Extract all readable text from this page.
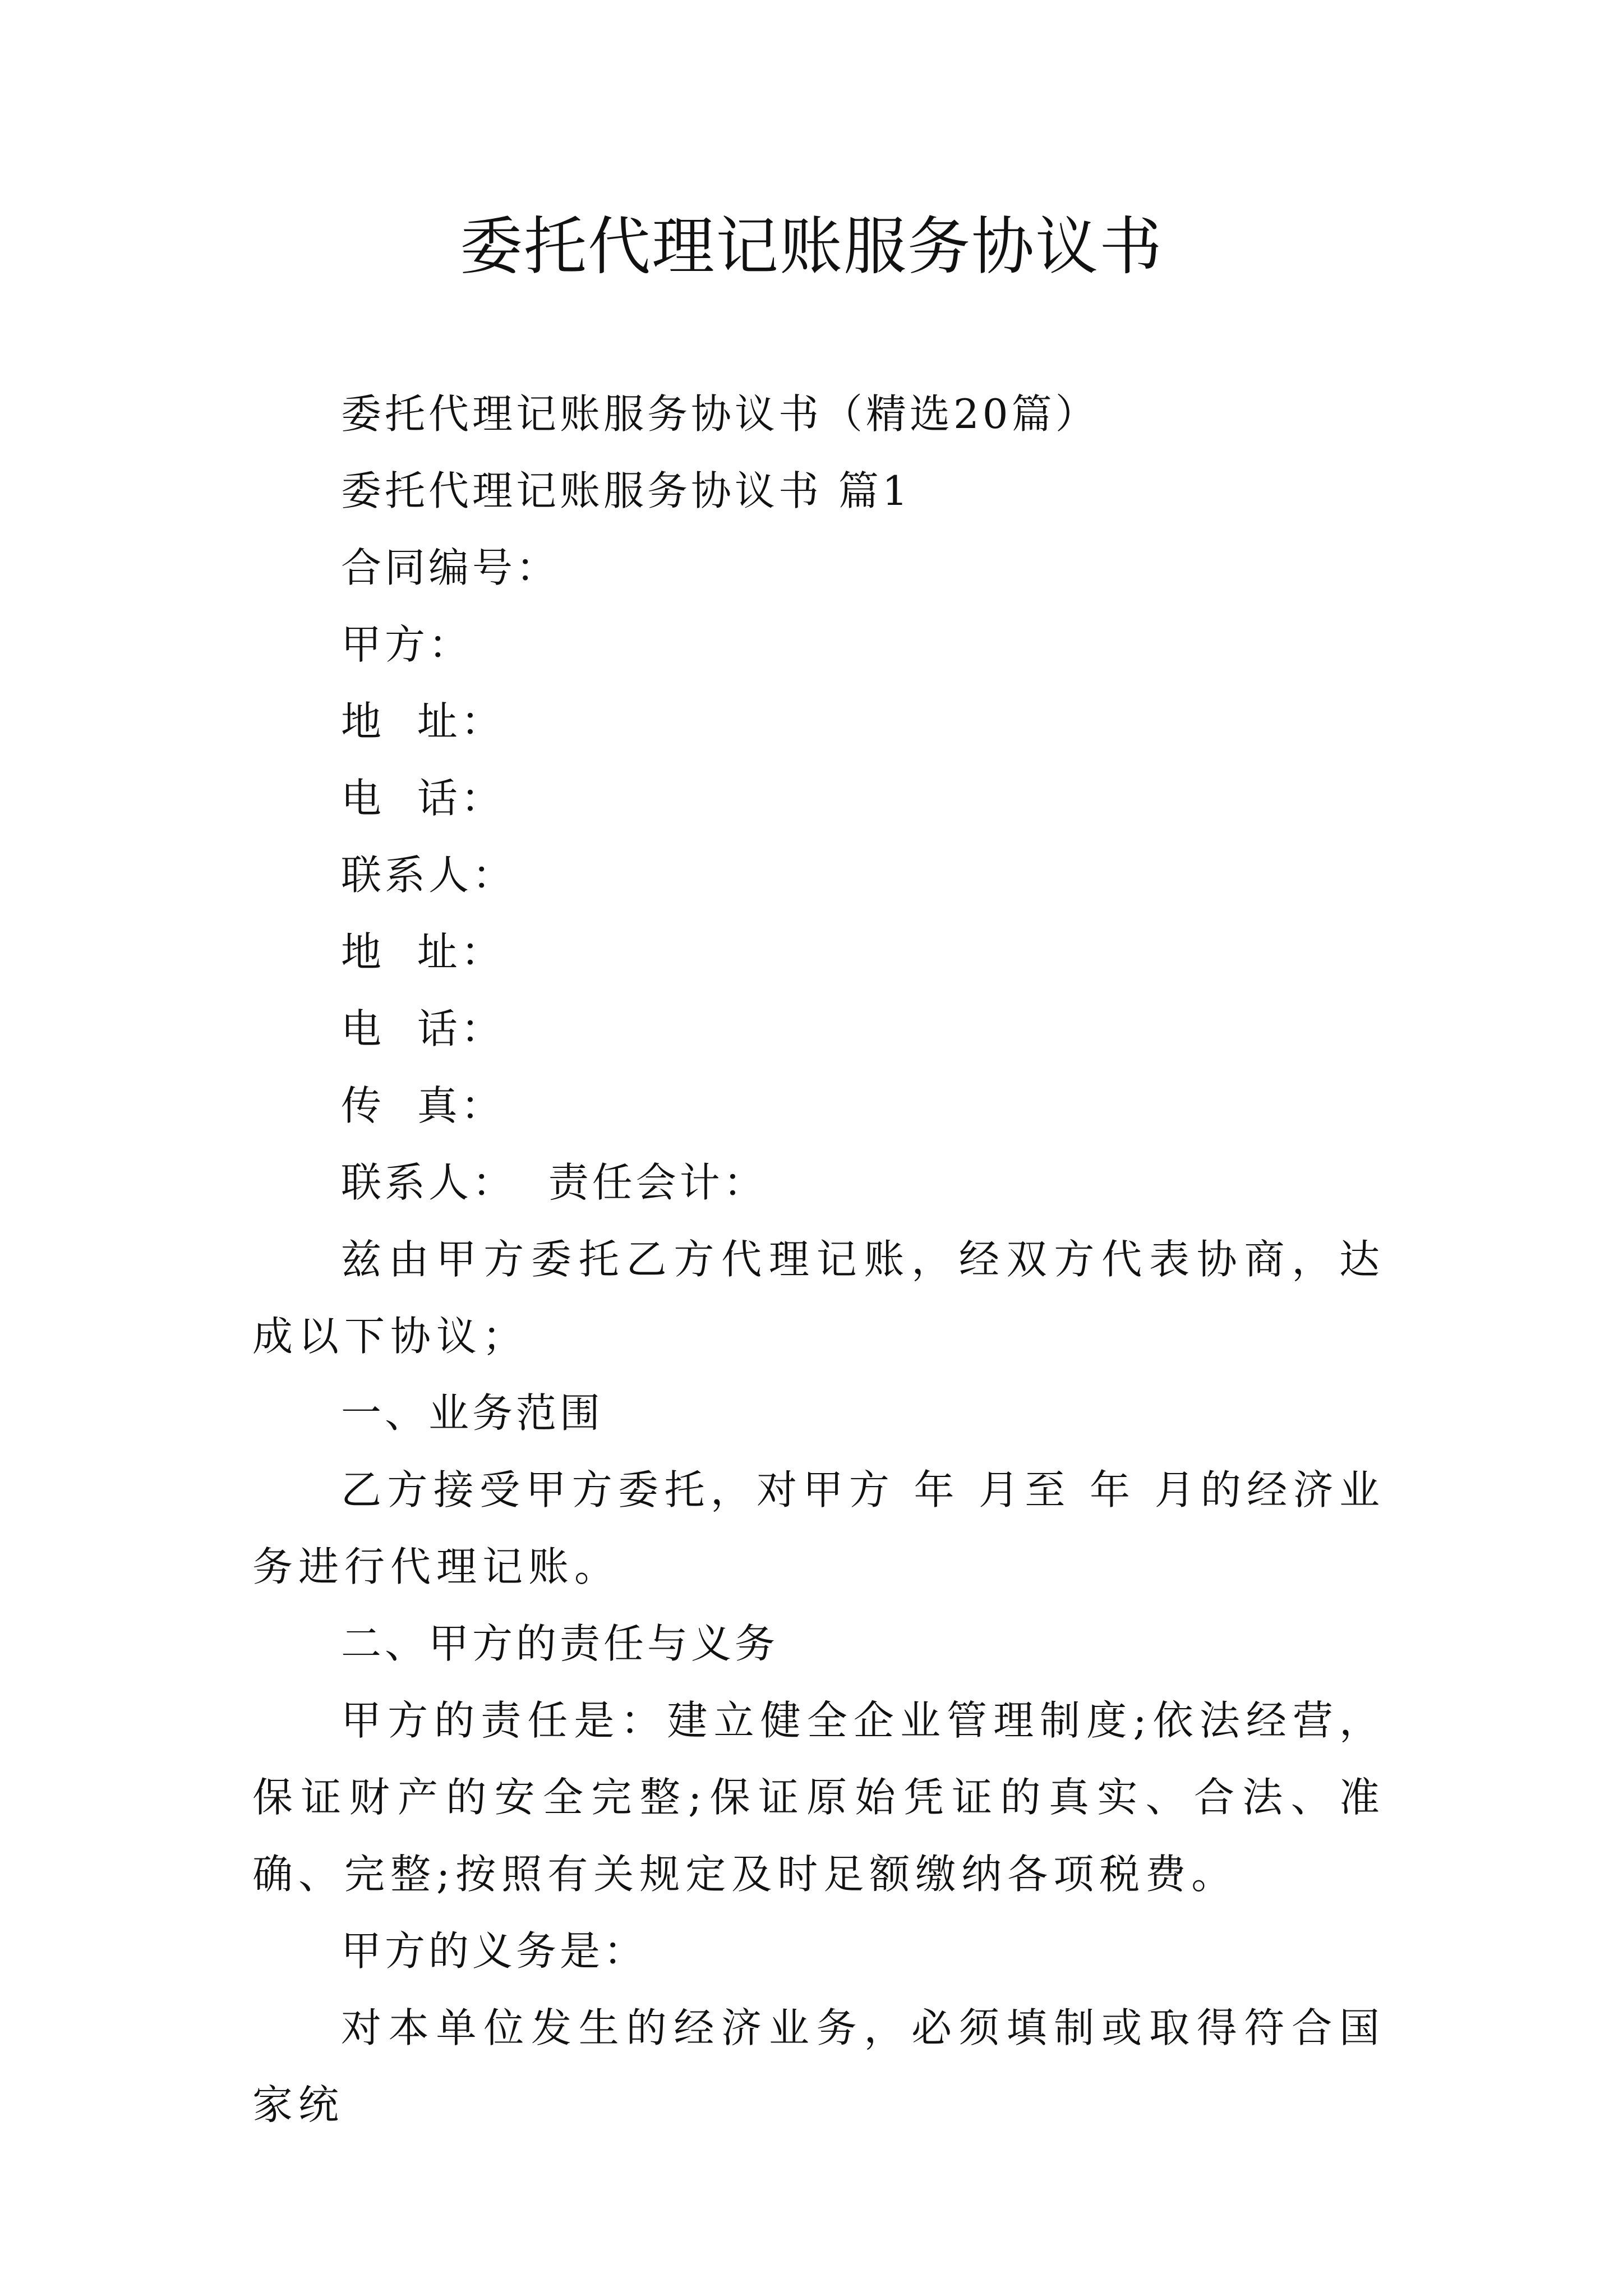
委托代理记账服务协议书

委托代理记账服务协议书（精选20篇）

委托代理记账服务协议书 篇1

合同编号：

甲方：

地  址：

电  话：

联系人：

地  址：

电  话：

传  真：

联系人：  责任会计：

兹由甲方委托乙方代理记账，经双方代表协商，达成以下协议；

一、业务范围

乙方接受甲方委托，对甲方 年 月至 年 月的经济业务进行代理记账。

二、甲方的责任与义务

甲方的责任是：建立健全企业管理制度;依法经营，保证财产的安全完整;保证原始凭证的真实、合法、准确、完整;按照有关规定及时足额缴纳各项税费。

甲方的义务是：

对本单位发生的经济业务，必须填制或取得符合国家统
